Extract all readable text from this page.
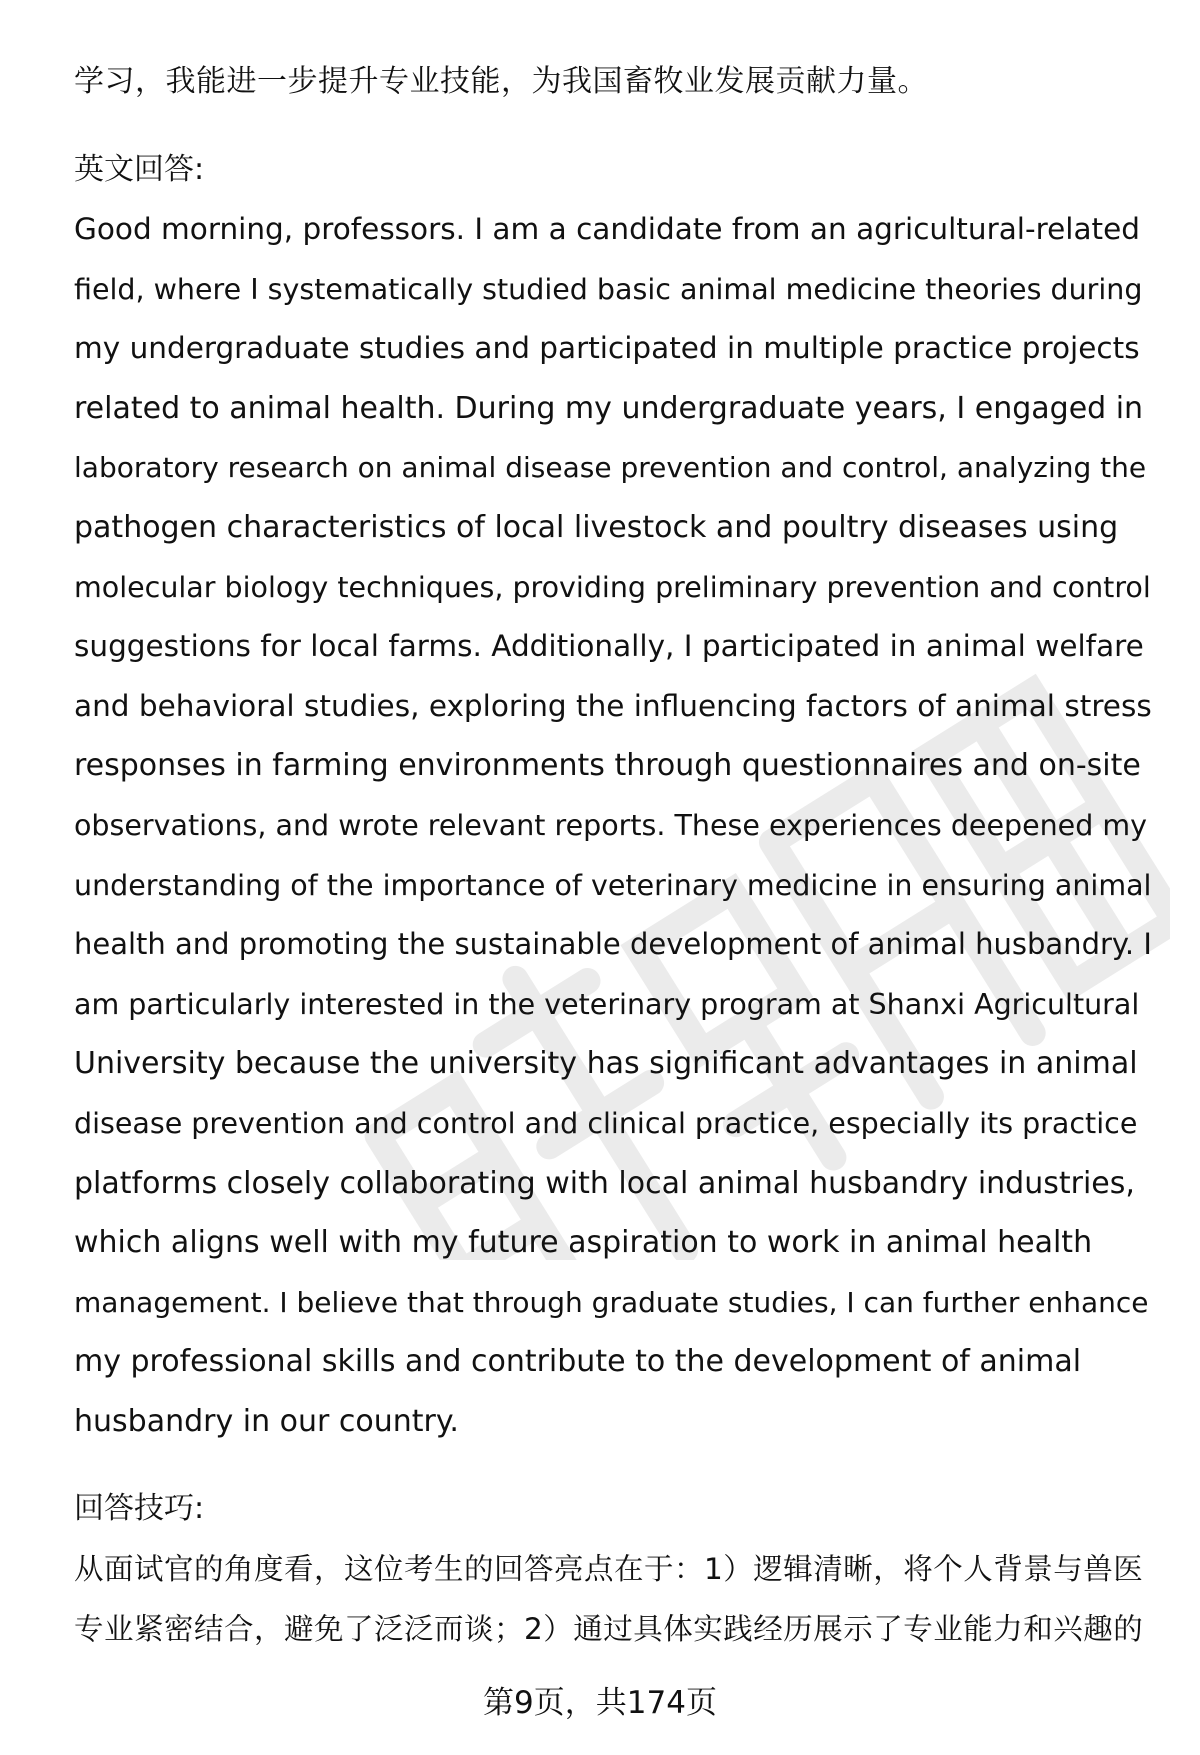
学习，我能进一步提升专业技能，为我国畜牧业发展贡献力量。

英文回答:

Good morning, professors. I am a candidate from an agricultural-related
field, where I systematically studied basic animal medicine theories during
my undergraduate studies and participated in multiple practice projects
related to animal health. During my undergraduate years, I engaged in
laboratory research on animal disease prevention and control, analyzing the
pathogen characteristics of local livestock and poultry diseases using
molecular biology techniques, providing preliminary prevention and control
suggestions for local farms. Additionally, I participated in animal welfare
and behavioral studies, exploring the influencing factors of animal stress
responses in farming environments through questionnaires and on-site
observations, and wrote relevant reports. These experiences deepened my
understanding of the importance of veterinary medicine in ensuring animal
health and promoting the sustainable development of animal husbandry. I
am particularly interested in the veterinary program at Shanxi Agricultural
University because the university has significant advantages in animal
disease prevention and control and clinical practice, especially its practice
platforms closely collaborating with local animal husbandry industries,
which aligns well with my future aspiration to work in animal health
management. I believe that through graduate studies, I can further enhance
my professional skills and contribute to the development of animal
husbandry in our country.

回答技巧:

从面试官的角度看，这位考生的回答亮点在于：1）逻辑清晰，将个人背景与兽医

专业紧密结合，避免了泛泛而谈；2）通过具体实践经历展示了专业能力和兴趣的

第9页，共174页
